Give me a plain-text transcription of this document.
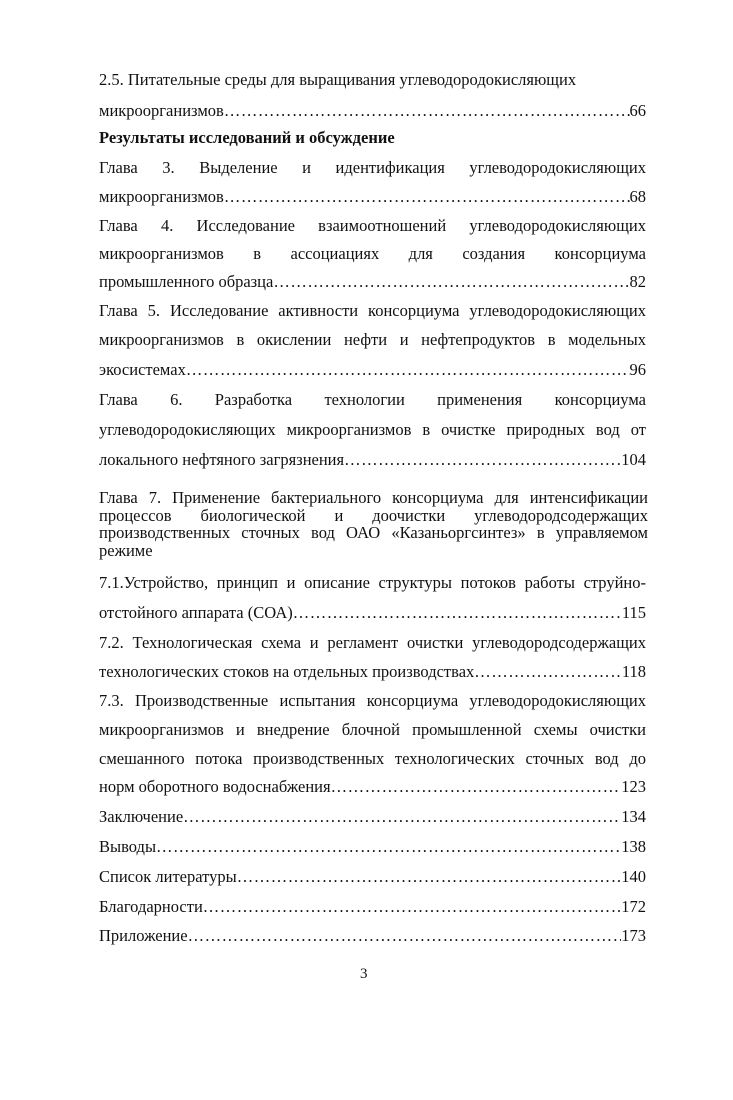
2.5. Питательные среды для выращивания углеводородокисляющих
микроорганизмов ……………………………………………………………………………………………………………………………………………………………………………………………	66
Результаты исследований и обсуждение
Глава 3. Выделение и идентификация углеводородокисляющих
микроорганизмов ……………………………………………………………………………………………………………………………………………………………………………………………	68
Глава 4. Исследование взаимоотношений углеводородокисляющих
микроорганизмов в ассоциациях для создания консорциума
промышленного образца ……………………………………………………………………………………………………………………………………………………………………………………………	82
Глава 5. Исследование активности консорциума углеводородокисляющих
микроорганизмов в окислении нефти и нефтепродуктов в модельных
экосистемах ……………………………………………………………………………………………………………………………………………………………………………………………	96
Глава 6. Разработка технологии применения консорциума
углеводородокисляющих микроорганизмов в очистке природных вод от
локального нефтяного загрязнения ……………………………………………………………………………………………………………………………………………………………………………………………	104
Глава 7. Применение бактериального консорциума для интенсификации процессов биологической и доочистки углеводородсодержащих производственных сточных вод ОАО «Казаньоргсинтез» в управляемом режиме
7.1.Устройство, принцип и описание структуры потоков работы струйно-
отстойного аппарата (СОА) ……………………………………………………………………………………………………………………………………………………………………………………………	115
7.2. Технологическая схема и регламент очистки углеводородсодержащих
технологических стоков на отдельных производствах ……………………………………………………………………………………………………………………………………………………………………………………………	118
7.3. Производственные испытания консорциума углеводородокисляющих
микроорганизмов и внедрение блочной промышленной схемы очистки
смешанного потока производственных технологических сточных вод до
норм оборотного водоснабжения ……………………………………………………………………………………………………………………………………………………………………………………………	123
Заключение ……………………………………………………………………………………………………………………………………………………………………………………………	134
Выводы ……………………………………………………………………………………………………………………………………………………………………………………………	138
Список литературы ……………………………………………………………………………………………………………………………………………………………………………………………	140
Благодарности ……………………………………………………………………………………………………………………………………………………………………………………………	172
Приложение ……………………………………………………………………………………………………………………………………………………………………………………………	173
3
